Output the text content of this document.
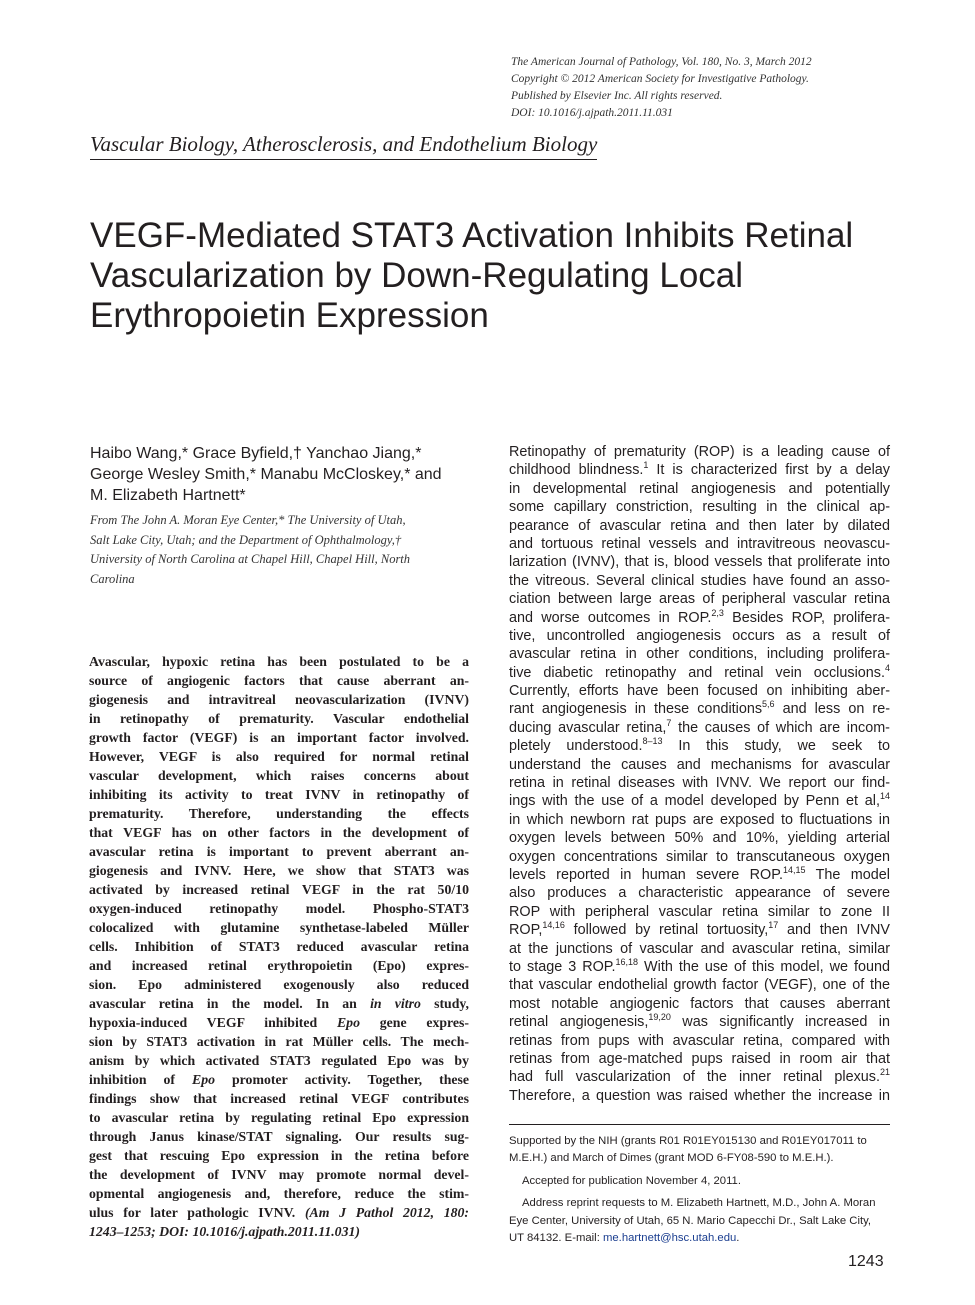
The American Journal of Pathology, Vol. 180, No. 3, March 2012
Copyright © 2012 American Society for Investigative Pathology.
Published by Elsevier Inc. All rights reserved.
DOI: 10.1016/j.ajpath.2011.11.031
Vascular Biology, Atherosclerosis, and Endothelium Biology
VEGF-Mediated STAT3 Activation Inhibits Retinal
Vascularization by Down-Regulating Local
Erythropoietin Expression
Haibo Wang,* Grace Byfield,† Yanchao Jiang,*
George Wesley Smith,* Manabu McCloskey,* and
M. Elizabeth Hartnett*
From The John A. Moran Eye Center,* The University of Utah,
Salt Lake City, Utah; and the Department of Ophthalmology,†
University of North Carolina at Chapel Hill, Chapel Hill, North
Carolina
Avascular, hypoxic retina has been postulated to be a
source of angiogenic factors that cause aberrant an-
giogenesis and intravitreal neovascularization (IVNV)
in retinopathy of prematurity. Vascular endothelial
growth factor (VEGF) is an important factor involved.
However, VEGF is also required for normal retinal
vascular development, which raises concerns about
inhibiting its activity to treat IVNV in retinopathy of
prematurity. Therefore, understanding the effects
that VEGF has on other factors in the development of
avascular retina is important to prevent aberrant an-
giogenesis and IVNV. Here, we show that STAT3 was
activated by increased retinal VEGF in the rat 50/10
oxygen-induced retinopathy model. Phospho-STAT3
colocalized with glutamine synthetase-labeled Müller
cells. Inhibition of STAT3 reduced avascular retina
and increased retinal erythropoietin (Epo) expres-
sion. Epo administered exogenously also reduced
avascular retina in the model. In an in vitro study,
hypoxia-induced VEGF inhibited Epo gene expres-
sion by STAT3 activation in rat Müller cells. The mech-
anism by which activated STAT3 regulated Epo was by
inhibition of Epo promoter activity. Together, these
findings show that increased retinal VEGF contributes
to avascular retina by regulating retinal Epo expression
through Janus kinase/STAT signaling. Our results sug-
gest that rescuing Epo expression in the retina before
the development of IVNV may promote normal devel-
opmental angiogenesis and, therefore, reduce the stim-
ulus for later pathologic IVNV. (Am J Pathol 2012, 180:
1243–1253; DOI: 10.1016/j.ajpath.2011.11.031)
Retinopathy of prematurity (ROP) is a leading cause of
childhood blindness.$^1$ It is characterized first by a delay
in developmental retinal angiogenesis and potentially
some capillary constriction, resulting in the clinical ap-
pearance of avascular retina and then later by dilated
and tortuous retinal vessels and intravitreous neovascu-
larization (IVNV), that is, blood vessels that proliferate into
the vitreous. Several clinical studies have found an asso-
ciation between large areas of peripheral vascular retina
and worse outcomes in ROP.$^{2,3}$ Besides ROP, prolifera-
tive, uncontrolled angiogenesis occurs as a result of
avascular retina in other conditions, including prolifera-
tive diabetic retinopathy and retinal vein occlusions.$^4$
Currently, efforts have been focused on inhibiting aber-
rant angiogenesis in these conditions$^{5,6}$ and less on re-
ducing avascular retina,$^7$ the causes of which are incom-
pletely understood.$^{8-13}$ In this study, we seek to
understand the causes and mechanisms for avascular
retina in retinal diseases with IVNV. We report our find-
ings with the use of a model developed by Penn et al,$^{14}$
in which newborn rat pups are exposed to fluctuations in
oxygen levels between 50% and 10%, yielding arterial
oxygen concentrations similar to transcutaneous oxygen
levels reported in human severe ROP.$^{14,15}$ The model
also produces a characteristic appearance of severe
ROP with peripheral vascular retina similar to zone II
ROP,$^{14,16}$ followed by retinal tortuosity,$^{17}$ and then IVNV
at the junctions of vascular and avascular retina, similar
to stage 3 ROP.$^{16,18}$ With the use of this model, we found
that vascular endothelial growth factor (VEGF), one of the
most notable angiogenic factors that causes aberrant
retinal angiogenesis,$^{19,20}$ was significantly increased in
retinas from pups with avascular retina, compared with
retinas from age-matched pups raised in room air that
had full vascularization of the inner retinal plexus.$^{21}$
Therefore, a question was raised whether the increase in
Supported by the NIH (grants R01 R01EY015130 and R01EY017011 to
M.E.H.) and March of Dimes (grant MOD 6-FY08-590 to M.E.H.).
Accepted for publication November 4, 2011.
Address reprint requests to M. Elizabeth Hartnett, M.D., John A. Moran
Eye Center, University of Utah, 65 N. Mario Capecchi Dr., Salt Lake City,
UT 84132. E-mail: me.hartnett@hsc.utah.edu.
1243
